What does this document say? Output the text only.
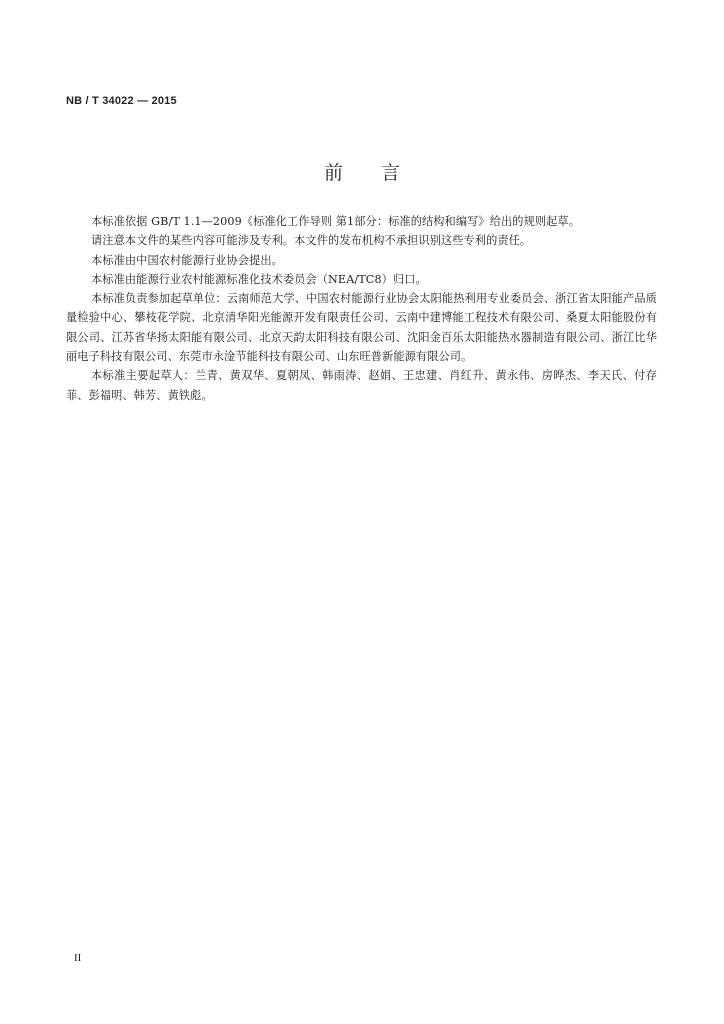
NB / T 34022 — 2015
前言

本标准依据 GB/T 1.1—2009《标准化工作导则 第1部分：标准的结构和编写》给出的规则起草。

请注意本文件的某些内容可能涉及专利。本文件的发布机构不承担识别这些专利的责任。

本标准由中国农村能源行业协会提出。

本标准由能源行业农村能源标准化技术委员会（NEA/TC8）归口。

本标准负责参加起草单位：云南师范大学、中国农村能源行业协会太阳能热利用专业委员会、浙江省太阳能产品质量检验中心、攀枝花学院、北京清华阳光能源开发有限责任公司、云南中建博能工程技术有限公司、桑夏太阳能股份有限公司、江苏省华扬太阳能有限公司、北京天韵太阳科技有限公司、沈阳金百乐太阳能热水器制造有限公司、浙江比华丽电子科技有限公司、东莞市永淦节能科技有限公司、山东旺普新能源有限公司。

本标准主要起草人：兰青、黄双华、夏朝凤、韩雨涛、赵娟、王忠建、肖红升、黄永伟、房晔杰、李天氏、付存菲、彭福明、韩芳、黄铁彪。

II
